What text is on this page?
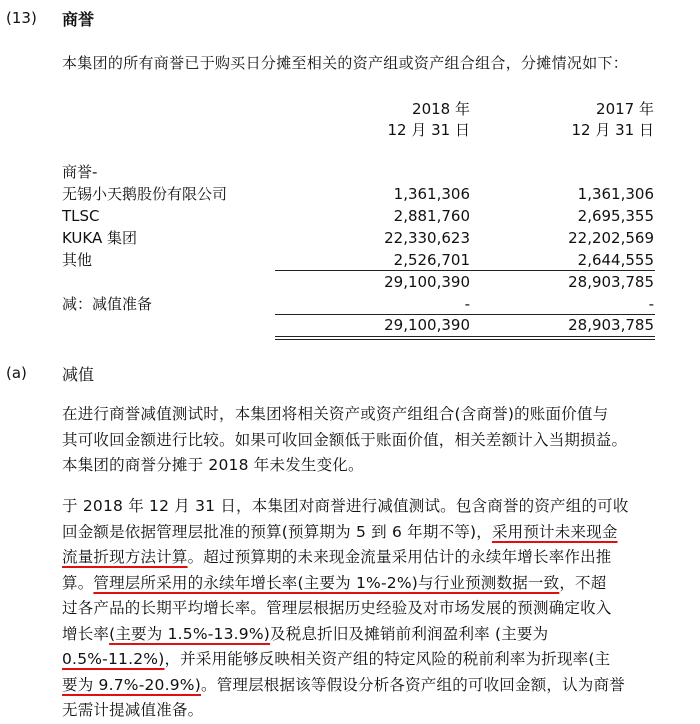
(13) 商誉
本集团的所有商誉已于购买日分摊至相关的资产组或资产组合组合，分摊情况如下：
2018 年
12 月 31 日
2017 年
12 月 31 日
商誉-
无锡小天鹅股份有限公司	1,361,306	1,361,306
TLSC	2,881,760	2,695,355
KUKA 集团	22,330,623	22,202,569
其他	2,526,701	2,644,555
29,100,390	28,903,785
减：减值准备	-	-
29,100,390	28,903,785
(a) 减值
在进行商誉减值测试时，本集团将相关资产或资产组组合(含商誉)的账面价值与
其可收回金额进行比较。如果可收回金额低于账面价值，相关差额计入当期损益。
本集团的商誉分摊于 2018 年未发生变化。
于 2018 年 12 月 31 日，本集团对商誉进行减值测试。包含商誉的资产组的可收
回金额是依据管理层批准的预算(预算期为 5 到 6 年期不等)，采用预计未来现金
流量折现方法计算。超过预算期的未来现金流量采用估计的永续年增长率作出推
算。管理层所采用的永续年增长率(主要为 1%-2%)与行业预测数据一致，不超
过各产品的长期平均增长率。管理层根据历史经验及对市场发展的预测确定收入
增长率(主要为 1.5%-13.9%)及税息折旧及摊销前利润盈利率 (主要为
0.5%-11.2%)，并采用能够反映相关资产组的特定风险的税前利率为折现率(主
要为 9.7%-20.9%)。管理层根据该等假设分析各资产组的可收回金额，认为商誉
无需计提减值准备。
